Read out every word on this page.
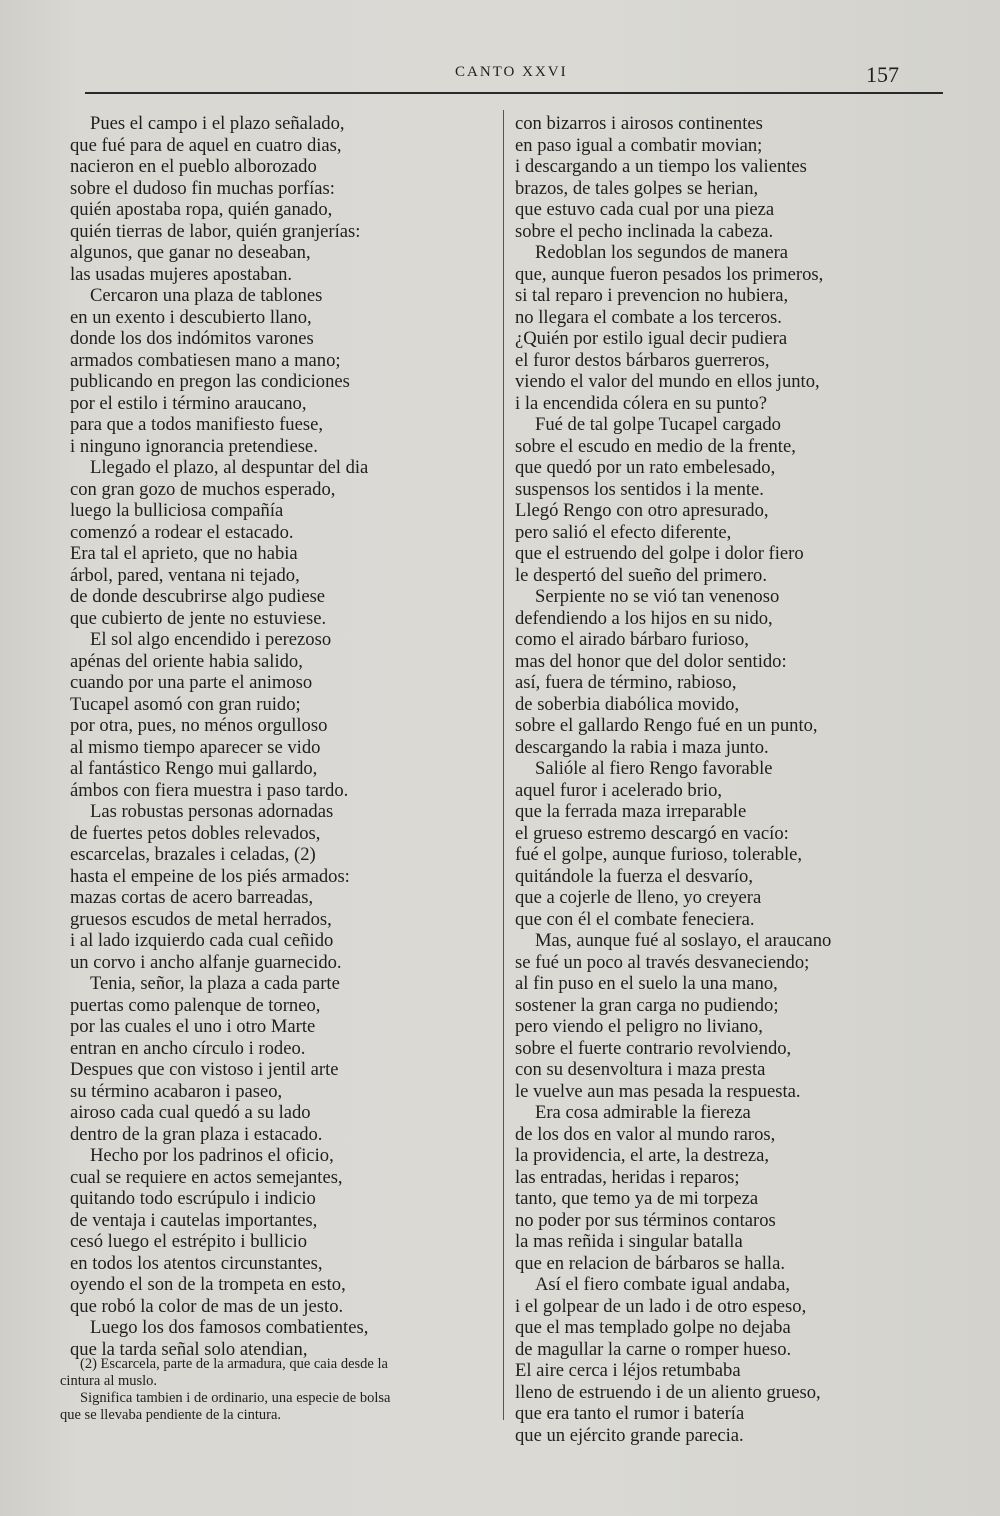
CANTO XXVI	157
Pues el campo i el plazo señalado,
que fué para de aquel en cuatro dias,
nacieron en el pueblo alborozado
sobre el dudoso fin muchas porfías:
quién apostaba ropa, quién ganado,
quién tierras de labor, quién granjerías:
algunos, que ganar no deseaban,
las usadas mujeres apostaban.
Cercaron una plaza de tablones
en un exento i descubierto llano,
donde los dos indómitos varones
armados combatiesen mano a mano;
publicando en pregon las condiciones
por el estilo i término araucano,
para que a todos manifiesto fuese,
i ninguno ignorancia pretendiese.
Llegado el plazo, al despuntar del dia
con gran gozo de muchos esperado,
luego la bulliciosa compañía
comenzó a rodear el estacado.
Era tal el aprieto, que no habia
árbol, pared, ventana ni tejado,
de donde descubrirse algo pudiese
que cubierto de jente no estuviese.
El sol algo encendido i perezoso
apénas del oriente habia salido,
cuando por una parte el animoso
Tucapel asomó con gran ruido;
por otra, pues, no ménos orgulloso
al mismo tiempo aparecer se vido
al fantástico Rengo mui gallardo,
ámbos con fiera muestra i paso tardo.
Las robustas personas adornadas
de fuertes petos dobles relevados,
escarcelas, brazales i celadas, (2)
hasta el empeine de los piés armados:
mazas cortas de acero barreadas,
gruesos escudos de metal herrados,
i al lado izquierdo cada cual ceñido
un corvo i ancho alfanje guarnecido.
Tenia, señor, la plaza a cada parte
puertas como palenque de torneo,
por las cuales el uno i otro Marte
entran en ancho círculo i rodeo.
Despues que con vistoso i jentil arte
su término acabaron i paseo,
airoso cada cual quedó a su lado
dentro de la gran plaza i estacado.
Hecho por los padrinos el oficio,
cual se requiere en actos semejantes,
quitando todo escrúpulo i indicio
de ventaja i cautelas importantes,
cesó luego el estrépito i bullicio
en todos los atentos circunstantes,
oyendo el son de la trompeta en esto,
que robó la color de mas de un jesto.
Luego los dos famosos combatientes,
que la tarda señal solo atendian,
con bizarros i airosos continentes
en paso igual a combatir movian;
i descargando a un tiempo los valientes
brazos, de tales golpes se herian,
que estuvo cada cual por una pieza
sobre el pecho inclinada la cabeza.
Redoblan los segundos de manera
que, aunque fueron pesados los primeros,
si tal reparo i prevencion no hubiera,
no llegara el combate a los terceros.
¿Quién por estilo igual decir pudiera
el furor destos bárbaros guerreros,
viendo el valor del mundo en ellos junto,
i la encendida cólera en su punto?
Fué de tal golpe Tucapel cargado
sobre el escudo en medio de la frente,
que quedó por un rato embelesado,
suspensos los sentidos i la mente.
Llegó Rengo con otro apresurado,
pero salió el efecto diferente,
que el estruendo del golpe i dolor fiero
le despertó del sueño del primero.
Serpiente no se vió tan venenoso
defendiendo a los hijos en su nido,
como el airado bárbaro furioso,
mas del honor que del dolor sentido:
así, fuera de término, rabioso,
de soberbia diabólica movido,
sobre el gallardo Rengo fué en un punto,
descargando la rabia i maza junto.
Salióle al fiero Rengo favorable
aquel furor i acelerado brio,
que la ferrada maza irreparable
el grueso estremo descargó en vacío:
fué el golpe, aunque furioso, tolerable,
quitándole la fuerza el desvarío,
que a cojerle de lleno, yo creyera
que con él el combate feneciera.
Mas, aunque fué al soslayo, el araucano
se fué un poco al través desvaneciendo;
al fin puso en el suelo la una mano,
sostener la gran carga no pudiendo;
pero viendo el peligro no liviano,
sobre el fuerte contrario revolviendo,
con su desenvoltura i maza presta
le vuelve aun mas pesada la respuesta.
Era cosa admirable la fiereza
de los dos en valor al mundo raros,
la providencia, el arte, la destreza,
las entradas, heridas i reparos;
tanto, que temo ya de mi torpeza
no poder por sus términos contaros
la mas reñida i singular batalla
que en relacion de bárbaros se halla.
Así el fiero combate igual andaba,
i el golpear de un lado i de otro espeso,
que el mas templado golpe no dejaba
de magullar la carne o romper hueso.
El aire cerca i léjos retumbaba
lleno de estruendo i de un aliento grueso,
que era tanto el rumor i batería
que un ejército grande parecia.
(2) Escarcela, parte de la armadura, que caia desde la
cintura al muslo.
Significa tambien i de ordinario, una especie de bolsa
que se llevaba pendiente de la cintura.
